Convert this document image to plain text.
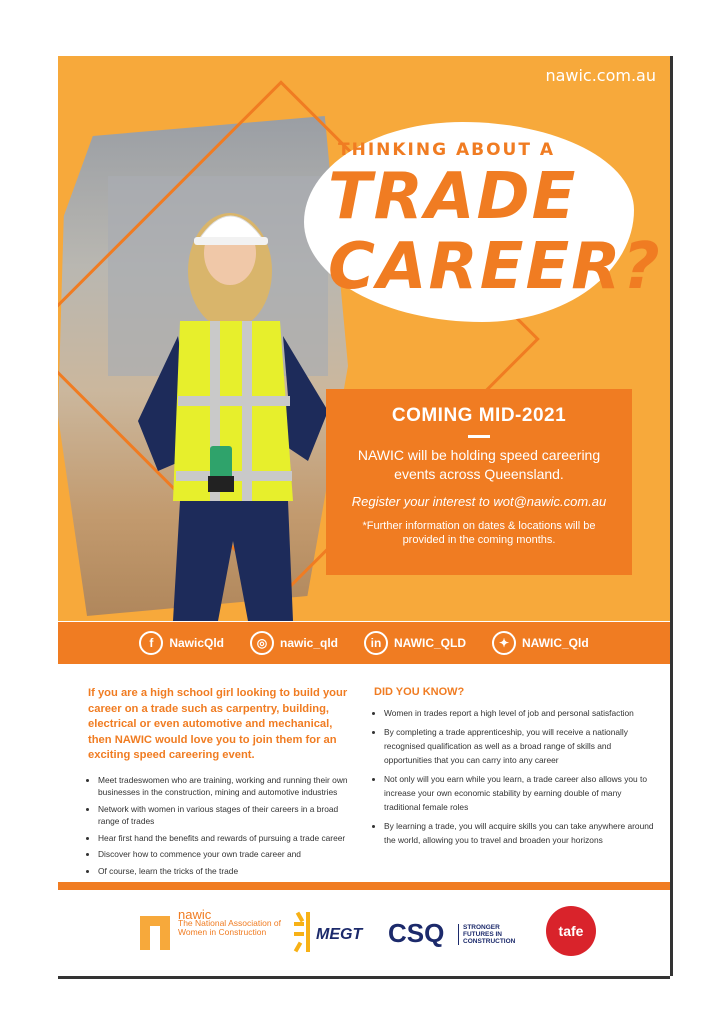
nawic.com.au
THINKING ABOUT A
TRADE
CAREER?
COMING MID-2021
NAWIC will be holding speed careering events across Queensland.
Register your interest to wot@nawic.com.au
*Further information on dates & locations will be provided in the coming months.
f	NawicQld	◎	nawic_qld	in	NAWIC_QLD	✦	NAWIC_Qld
If you are a high school girl looking to build your career on a trade such as carpentry, building, electrical or even automotive and mechanical, then NAWIC would love you to join them for an exciting speed careering event.
• Meet tradeswomen who are training, working and running their own businesses in the construction, mining and automotive industries
• Network with women in various stages of their careers in a broad range of trades
• Hear first hand the benefits and rewards of pursuing a trade career
• Discover how to commence your own trade career and
• Of course, learn the tricks of the trade
DID YOU KNOW?
• Women in trades report a high level of job and personal satisfaction
• By completing a trade apprenticeship, you will receive a nationally recognised qualification as well as a broad range of skills and opportunities that you can carry into any career
• Not only will you earn while you learn, a trade career also allows you to increase your own economic stability by earning double of many traditional female roles
• By learning a trade, you will acquire skills you can take anywhere around the world, allowing you to travel and broaden your horizons
nawic
The National Association of Women in Construction	MEGT CSQ	STRONGER FUTURES IN CONSTRUCTION
tafe
